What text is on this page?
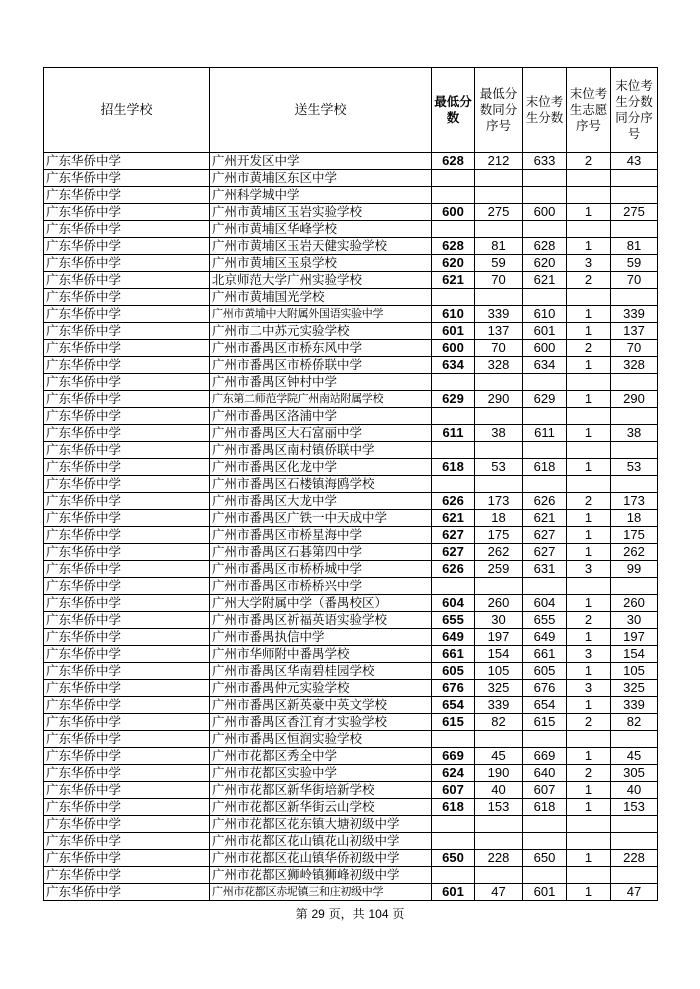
招生学校	送生学校	最低分数	最低分数同分序号	末位考生分数	末位考生志愿序号	末位考生分数同分序号
广东华侨中学	广州开发区中学	628	212	633	2	43
广东华侨中学	广州市黄埔区东区中学					
广东华侨中学	广州科学城中学					
广东华侨中学	广州市黄埔区玉岩实验学校	600	275	600	1	275
广东华侨中学	广州市黄埔区华峰学校					
广东华侨中学	广州市黄埔区玉岩天健实验学校	628	81	628	1	81
广东华侨中学	广州市黄埔区玉泉学校	620	59	620	3	59
广东华侨中学	北京师范大学广州实验学校	621	70	621	2	70
广东华侨中学	广州市黄埔国光学校					
广东华侨中学	广州市黄埔中大附属外国语实验中学	610	339	610	1	339
广东华侨中学	广州市二中苏元实验学校	601	137	601	1	137
广东华侨中学	广州市番禺区市桥东风中学	600	70	600	2	70
广东华侨中学	广州市番禺区市桥侨联中学	634	328	634	1	328
广东华侨中学	广州市番禺区钟村中学					
广东华侨中学	广东第二师范学院广州南站附属学校	629	290	629	1	290
广东华侨中学	广州市番禺区洛浦中学					
广东华侨中学	广州市番禺区大石富丽中学	611	38	611	1	38
广东华侨中学	广州市番禺区南村镇侨联中学					
广东华侨中学	广州市番禺区化龙中学	618	53	618	1	53
广东华侨中学	广州市番禺区石楼镇海鸥学校					
广东华侨中学	广州市番禺区大龙中学	626	173	626	2	173
广东华侨中学	广州市番禺区广铁一中天成中学	621	18	621	1	18
广东华侨中学	广州市番禺区市桥星海中学	627	175	627	1	175
广东华侨中学	广州市番禺区石碁第四中学	627	262	627	1	262
广东华侨中学	广州市番禺区市桥桥城中学	626	259	631	3	99
广东华侨中学	广州市番禺区市桥桥兴中学					
广东华侨中学	广州大学附属中学（番禺校区）	604	260	604	1	260
广东华侨中学	广州市番禺区祈福英语实验学校	655	30	655	2	30
广东华侨中学	广州市番禺执信中学	649	197	649	1	197
广东华侨中学	广州市华师附中番禺学校	661	154	661	3	154
广东华侨中学	广州市番禺区华南碧桂园学校	605	105	605	1	105
广东华侨中学	广州市番禺仲元实验学校	676	325	676	3	325
广东华侨中学	广州市番禺区新英豪中英文学校	654	339	654	1	339
广东华侨中学	广州市番禺区香江育才实验学校	615	82	615	2	82
广东华侨中学	广州市番禺区恒润实验学校					
广东华侨中学	广州市花都区秀全中学	669	45	669	1	45
广东华侨中学	广州市花都区实验中学	624	190	640	2	305
广东华侨中学	广州市花都区新华街培新学校	607	40	607	1	40
广东华侨中学	广州市花都区新华街云山学校	618	153	618	1	153
广东华侨中学	广州市花都区花东镇大塘初级中学					
广东华侨中学	广州市花都区花山镇花山初级中学					
广东华侨中学	广州市花都区花山镇华侨初级中学	650	228	650	1	228
广东华侨中学	广州市花都区狮岭镇狮峰初级中学					
广东华侨中学	广州市花都区赤坭镇三和庄初级中学	601	47	601	1	47
第 29 页，共 104 页
